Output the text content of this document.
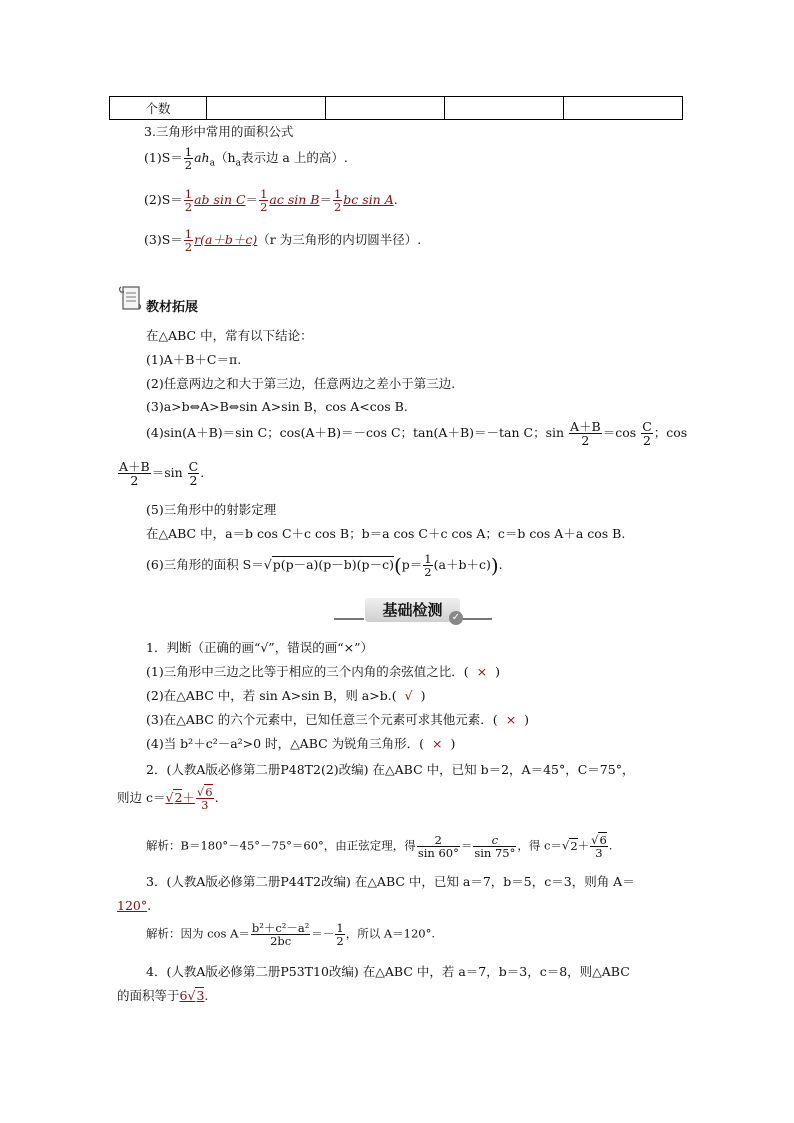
个数				
3.三角形中常用的面积公式
$(1)S= \frac{1}{2} ah_a(h_a$表示边 a 上的高）.
$(2)S= \frac{1}{2}$ ab $\sin C= \frac{1}{2}$ ac $\sin B= \frac{1}{2}$ bc sin A.
$(3)S= \frac{1}{2} r(a+b+c)(r$ 为三角形的内切圆半径）.
教材拓展
在△ABC 中，常有以下结论：
(1)A＋B＋C＝π.
(2)任意两边之和大于第三边，任意两边之差小于第三边.
(3)a>b⇔A>B⇔sin A>sin B，cos A<cos B.
(4)sin(A＋B)＝sin C；cos(A＋B)＝－cos C；tan(A＋B)＝－tan C；$\sin \frac{A+B}{2} =\cos \frac{C}{2}$ ；cos
$\frac{A+B}{2} =\sin \frac{C}{2}$ .
(5)三角形中的射影定理
在△ABC 中，a＝b cos C＋c cos B；b＝a cos C＋c cos A；c＝b cos A＋a cos B.
(6)三角形的面积 $S=√p(p-a)(p-b)(p-c)(p= \frac{1}{2} (a+b+c))$.
基础检测 ✓
1．判断（正确的画“√”，错误的画“×”）
(1)三角形中三边之比等于相应的三个内角的余弦值之比．( × )
(2)在△ABC 中，若 sin A>sin B，则 a>b.( √ )
(3)在△ABC 的六个元素中，已知任意三个元素可求其他元素．( × )
(4)当 b²＋c²－a²>0 时，△ABC 为锐角三角形．( × )
2．(人教A版必修第二册P48T2(2)改编) 在△ABC 中，已知 b＝2，A＝45°，C＝75°，
则边 $c=√2+ \frac{√6}{3}$ .
解析：B＝180°－45°－75°＝60°，由正弦定理，得 $\frac{2}{\sin 60^\circ} = \frac{c}{\sin 75^\circ}$ ，得 $c=√2+ \frac{√6}{3}$ .
3．(人教A版必修第二册P44T2改编) 在△ABC 中，已知 a＝7，b＝5，c＝3，则角 A＝
120°.
解析：因为 $\cos A= \frac{\text{b²＋c²－a²}}{2bc} =- \frac{1}{2}$ ，所以 A＝120°.
4．(人教A版必修第二册P53T10改编) 在△ABC 中，若 a＝7，b＝3，c＝8，则△ABC
的面积等于6√3.
